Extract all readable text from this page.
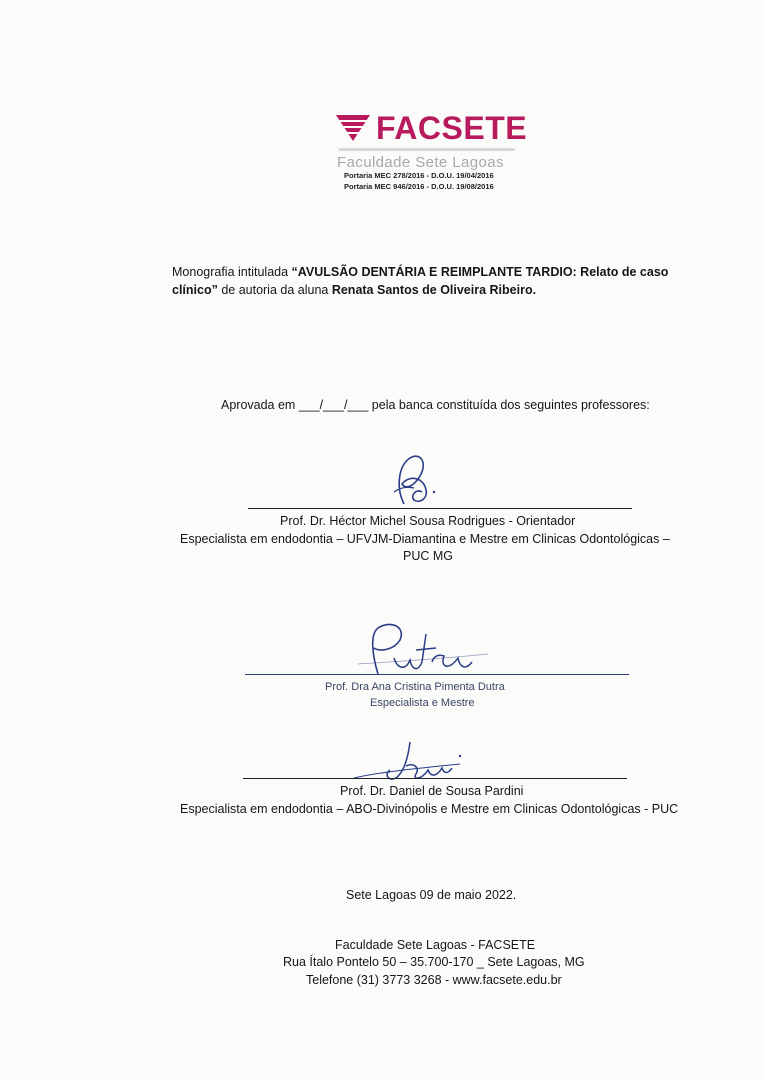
FACSETE
Faculdade Sete Lagoas
Portaria MEC 278/2016 - D.O.U. 19/04/2016
Portaria MEC 946/2016 - D.O.U. 19/08/2016
Monografia intitulada “AVULSÃO DENTÁRIA E REIMPLANTE TARDIO: Relato de caso
clínico” de autoria da aluna Renata Santos de Oliveira Ribeiro.
Aprovada em ___/___/___ pela banca constituída dos seguintes professores:
Prof. Dr. Héctor Michel Sousa Rodrigues - Orientador
Especialista em endodontia – UFVJM-Diamantina e Mestre em Clinicas Odontológicas –
PUC MG
Prof. Dra Ana Cristina Pimenta Dutra
Especialista e Mestre
Prof. Dr. Daniel de Sousa Pardini
Especialista em endodontia – ABO-Divinópolis e Mestre em Clinicas Odontológicas - PUC
Sete Lagoas 09 de maio 2022.
Faculdade Sete Lagoas - FACSETE
Rua Ítalo Pontelo 50 – 35.700-170 _ Sete Lagoas, MG
Telefone (31) 3773 3268 - www.facsete.edu.br
